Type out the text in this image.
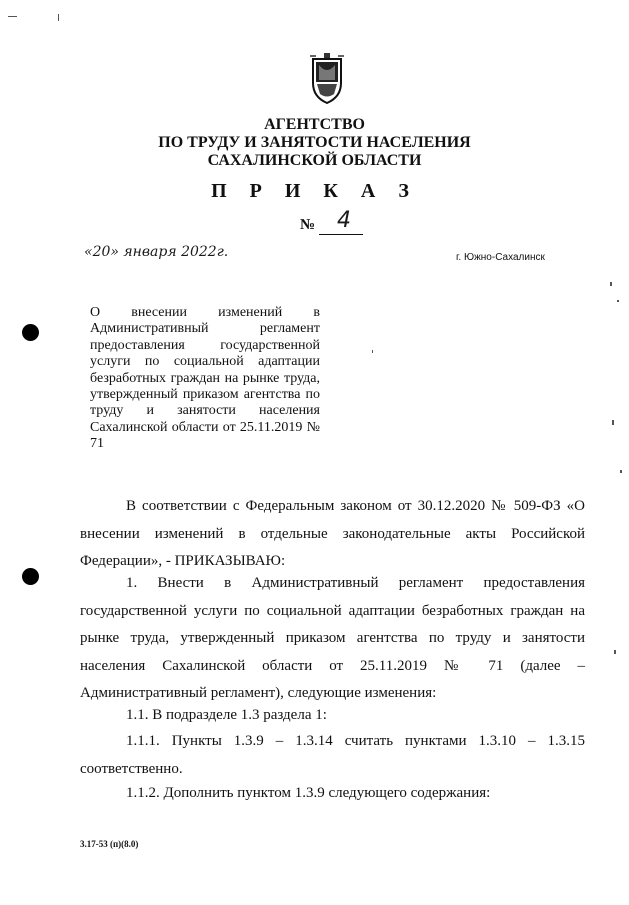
АГЕНТСТВО
ПО ТРУДУ И ЗАНЯТОСТИ НАСЕЛЕНИЯ
САХАЛИНСКОЙ ОБЛАСТИ
П Р И К А З
№ 4
«20» января 2022г.	г. Южно-Сахалинск
О внесении изменений в Административный регламент предоставления государственной услуги по социальной адаптации безработных граждан на рынке труда, утвержденный приказом агентства по труду и занятости населения Сахалинской области от 25.11.2019 № 71
В соответствии с Федеральным законом от 30.12.2020 № 509-ФЗ «О внесении изменений в отдельные законодательные акты Российской Федерации», - ПРИКАЗЫВАЮ:
1. Внести в Административный регламент предоставления государственной услуги по социальной адаптации безработных граждан на рынке труда, утвержденный приказом агентства по труду и занятости населения Сахалинской области от 25.11.2019 № 71 (далее – Административный регламент), следующие изменения:
1.1. В подразделе 1.3 раздела 1:
1.1.1. Пункты 1.3.9 – 1.3.14 считать пунктами 1.3.10 – 1.3.15 соответственно.
1.1.2. Дополнить пунктом 1.3.9 следующего содержания:
3.17-53 (п)(8.0)
